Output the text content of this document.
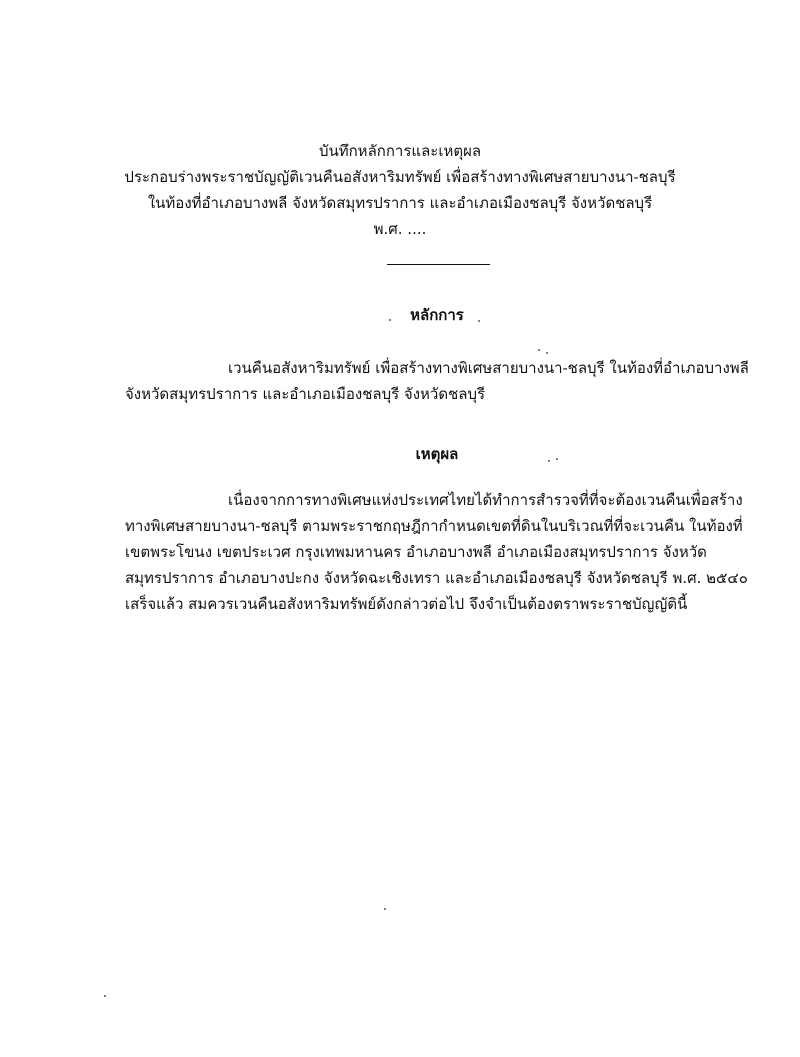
บันทึกหลักการและเหตุผล
ประกอบร่างพระราชบัญญัติเวนคืนอสังหาริมทรัพย์ เพื่อสร้างทางพิเศษสายบางนา-ชลบุรี
ในท้องที่อำเภอบางพลี จังหวัดสมุทรปราการ และอำเภอเมืองชลบุรี จังหวัดชลบุรี
พ.ศ. ....
หลักการ
เวนคืนอสังหาริมทรัพย์ เพื่อสร้างทางพิเศษสายบางนา-ชลบุรี ในท้องที่อำเภอบางพลี
จังหวัดสมุทรปราการ และอำเภอเมืองชลบุรี จังหวัดชลบุรี
เหตุผล
เนื่องจากการทางพิเศษแห่งประเทศไทยได้ทำการสำรวจที่ที่จะต้องเวนคืนเพื่อสร้าง
ทางพิเศษสายบางนา-ชลบุรี ตามพระราชกฤษฎีกากำหนดเขตที่ดินในบริเวณที่ที่จะเวนคืน ในท้องที่
เขตพระโขนง เขตประเวศ กรุงเทพมหานคร อำเภอบางพลี อำเภอเมืองสมุทรปราการ จังหวัด
สมุทรปราการ อำเภอบางปะกง จังหวัดฉะเชิงเทรา และอำเภอเมืองชลบุรี จังหวัดชลบุรี พ.ศ. ๒๕๔๐
เสร็จแล้ว สมควรเวนคืนอสังหาริมทรัพย์ดังกล่าวต่อไป จึงจำเป็นต้องตราพระราชบัญญัตินี้
